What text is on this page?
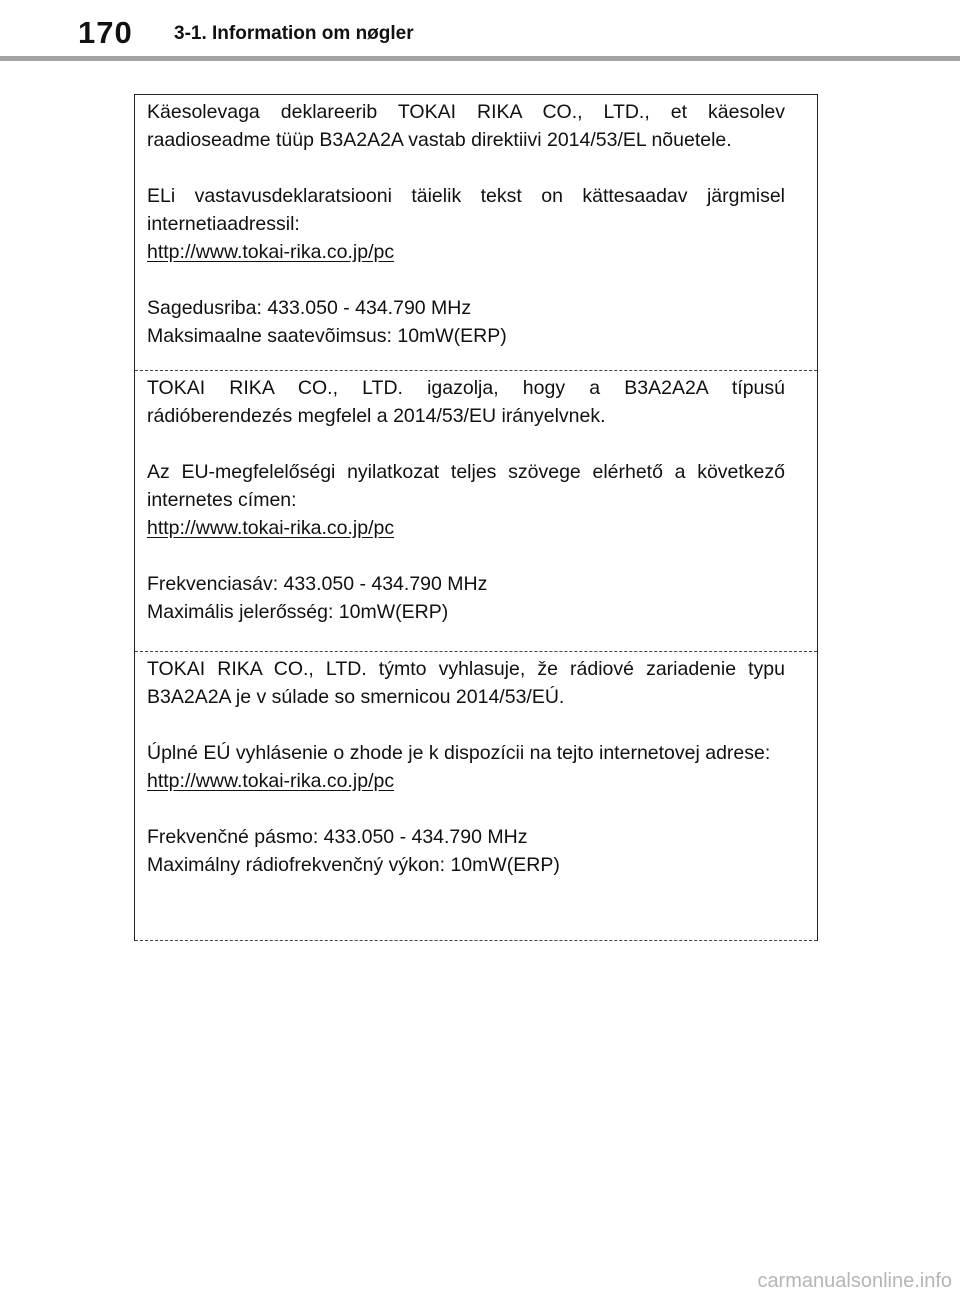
170 3-1. Information om nøgler

Käesolevaga deklareerib TOKAI RIKA CO., LTD., et käesolev raadioseadme tüüp B3A2A2A vastab direktiivi 2014/53/EL nõuetele.

ELi vastavusdeklaratsiooni täielik tekst on kättesaadav järgmisel internetiaadressil:

http://www.tokai-rika.co.jp/pc
Sagedusriba: 433.050 - 434.790 MHz
Maksimaalne saatevõimsus: 10mW(ERP)

TOKAI RIKA CO., LTD. igazolja, hogy a B3A2A2A típusú rádióberendezés megfelel a 2014/53/EU irányelvnek.

Az EU-megfelelőségi nyilatkozat teljes szövege elérhető a következő internetes címen:

http://www.tokai-rika.co.jp/pc
Frekvenciasáv: 433.050 - 434.790 MHz
Maximális jelerősség: 10mW(ERP)

TOKAI RIKA CO., LTD. týmto vyhlasuje, že rádiové zariadenie typu B3A2A2A je v súlade so smernicou 2014/53/EÚ.

Úplné EÚ vyhlásenie o zhode je k dispozícii na tejto internetovej adrese:

http://www.tokai-rika.co.jp/pc
Frekvenčné pásmo: 433.050 - 434.790 MHz
Maximálny rádiofrekvenčný výkon: 10mW(ERP)
carmanualsonline.info
